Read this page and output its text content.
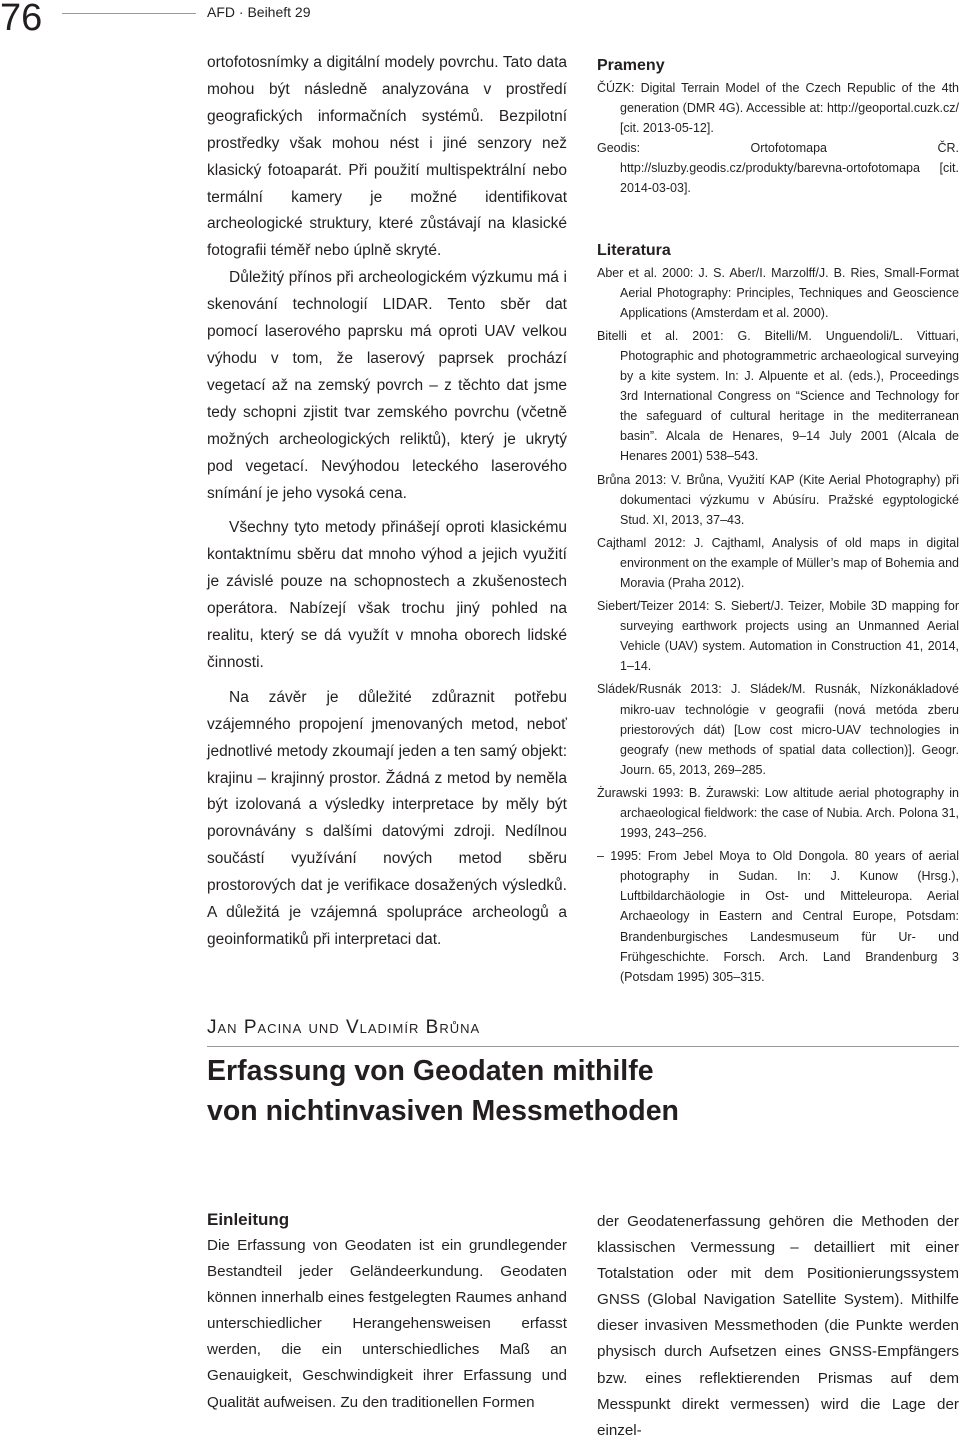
76	AFD · Beiheft 29

ortofotosnímky a digitální modely povrchu. Tato data mohou být následně analyzována v prostředí geografických informačních systémů. Bezpilotní prostředky však mohou nést i jiné senzory než klasický fotoaparát. Při použití multispektrální nebo termální kamery je možné identifikovat archeologické struktury, které zůstávají na klasické fotografii téměř nebo úplně skryté.

Důležitý přínos při archeologickém výzkumu má i skenování technologií LIDAR. Tento sběr dat pomocí laserového paprsku má oproti UAV velkou výhodu v tom, že laserový paprsek prochází vegetací až na zemský povrch – z těchto dat jsme tedy schopni zjistit tvar zemského povrchu (včetně možných archeologických reliktů), který je ukrytý pod vegetací. Nevýhodou leteckého laserového snímání je jeho vysoká cena.

Všechny tyto metody přinášejí oproti klasickému kontaktnímu sběru dat mnoho výhod a jejich využití je závislé pouze na schopnostech a zkušenostech operátora. Nabízejí však trochu jiný pohled na realitu, který se dá využít v mnoha oborech lidské činnosti.

Na závěr je důležité zdůraznit potřebu vzájemného propojení jmenovaných metod, neboť jednotlivé metody zkoumají jeden a ten samý objekt: krajinu – krajinný prostor. Žádná z metod by neměla být izolovaná a výsledky interpretace by měly být porovnávány s dalšími datovými zdroji. Nedílnou součástí využívání nových metod sběru prostorových dat je verifikace dosažených výsledků. A důležitá je vzájemná spolupráce archeologů a geoinformatiků při interpretaci dat.

Prameny

ČÚZK: Digital Terrain Model of the Czech Republic of the 4th generation (DMR 4G). Accessible at: http://geoportal.cuzk.cz/ [cit. 2013-05-12].

Geodis: Ortofotomapa ČR. http://sluzby.geodis.cz/produkty/barevna-ortofotomapa [cit. 2014-03-03].

Literatura

Aber et al. 2000: J. S. Aber/I. Marzolff/J. B. Ries, Small-Format Aerial Photography: Principles, Techniques and Geoscience Applications (Amsterdam et al. 2000).

Bitelli et al. 2001: G. Bitelli/M. Unguendoli/L. Vittuari, Photographic and photogrammetric archaeological surveying by a kite system. In: J. Alpuente et al. (eds.), Proceedings 3rd International Congress on “Science and Technology for the safeguard of cultural heritage in the mediterranean basin”. Alcala de Henares, 9–14 July 2001 (Alcala de Henares 2001) 538–543.

Brůna 2013: V. Brůna, Využití KAP (Kite Aerial Photography) při dokumentaci výzkumu v Abúsíru. Pražské egyptologické Stud. XI, 2013, 37–43.

Cajthaml 2012: J. Cajthaml, Analysis of old maps in digital environment on the example of Müller’s map of Bohemia and Moravia (Praha 2012).

Siebert/Teizer 2014: S. Siebert/J. Teizer, Mobile 3D mapping for surveying earthwork projects using an Unmanned Aerial Vehicle (UAV) system. Automation in Construction 41, 2014, 1–14.

Sládek/Rusnák 2013: J. Sládek/M. Rusnák, Nízkonákladové mikro-uav technológie v geografii (nová metóda zberu priestorových dát) [Low cost micro-UAV technologies in geografy (new methods of spatial data collection)]. Geogr. Journ. 65, 2013, 269–285.

Żurawski 1993: B. Żurawski: Low altitude aerial photography in archaeological fieldwork: the case of Nubia. Arch. Polona 31, 1993, 243–256.

– 1995: From Jebel Moya to Old Dongola. 80 years of aerial photography in Sudan. In: J. Kunow (Hrsg.), Luftbildarchäologie in Ost- und Mitteleuropa. Aerial Archaeology in Eastern and Central Europe, Potsdam: Brandenburgisches Landesmuseum für Ur- und Frühgeschichte. Forsch. Arch. Land Brandenburg 3 (Potsdam 1995) 305–315.

Jan Pacina und Vladimír Brůna
Erfassung von Geodaten mithilfe
von nichtinvasiven Messmethoden
Einleitung

Die Erfassung von Geodaten ist ein grundlegender Bestandteil jeder Geländeerkundung. Geodaten können innerhalb eines festgelegten Raumes anhand unterschiedlicher Herangehensweisen erfasst werden, die ein unterschiedliches Maß an Genauigkeit, Geschwindigkeit ihrer Erfassung und Qualität aufweisen. Zu den traditionellen Formen

der Geodatenerfassung gehören die Methoden der klassischen Vermessung – detailliert mit einer Totalstation oder mit dem Positionierungssystem GNSS (Global Navigation Satellite System). Mithilfe dieser invasiven Messmethoden (die Punkte werden physisch durch Aufsetzen eines GNSS-Empfängers bzw. eines reflektierenden Prismas auf dem Messpunkt direkt vermessen) wird die Lage der einzel-
